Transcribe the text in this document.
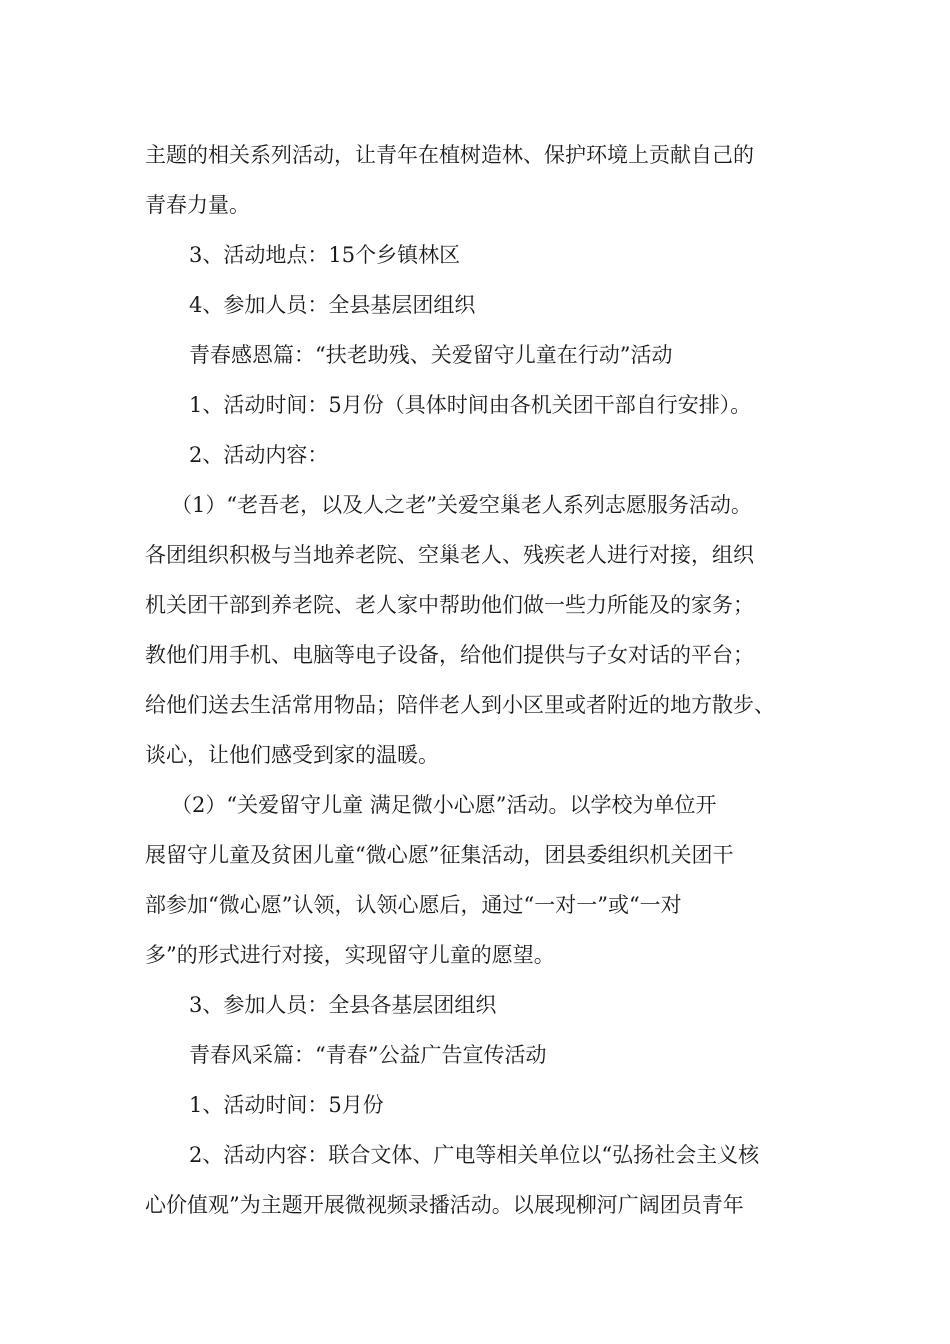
主题的相关系列活动，让青年在植树造林、保护环境上贡献自己的

青春力量。

3、活动地点：15个乡镇林区

4、参加人员：全县基层团组织

青春感恩篇：“扶老助残、关爱留守儿童在行动”活动

1、活动时间：5月份（具体时间由各机关团干部自行安排）。

2、活动内容：

（1）“老吾老，以及人之老”关爱空巢老人系列志愿服务活动。

各团组织积极与当地养老院、空巢老人、残疾老人进行对接，组织

机关团干部到养老院、老人家中帮助他们做一些力所能及的家务；

教他们用手机、电脑等电子设备，给他们提供与子女对话的平台；

给他们送去生活常用物品；陪伴老人到小区里或者附近的地方散步、

谈心，让他们感受到家的温暖。

（2）“关爱留守儿童 满足微小心愿”活动。以学校为单位开

展留守儿童及贫困儿童“微心愿”征集活动，团县委组织机关团干

部参加“微心愿”认领，认领心愿后，通过“一对一”或“一对

多”的形式进行对接，实现留守儿童的愿望。

3、参加人员：全县各基层团组织

青春风采篇：“青春”公益广告宣传活动

1、活动时间：5月份

2、活动内容：联合文体、广电等相关单位以“弘扬社会主义核

心价值观”为主题开展微视频录播活动。以展现柳河广阔团员青年
